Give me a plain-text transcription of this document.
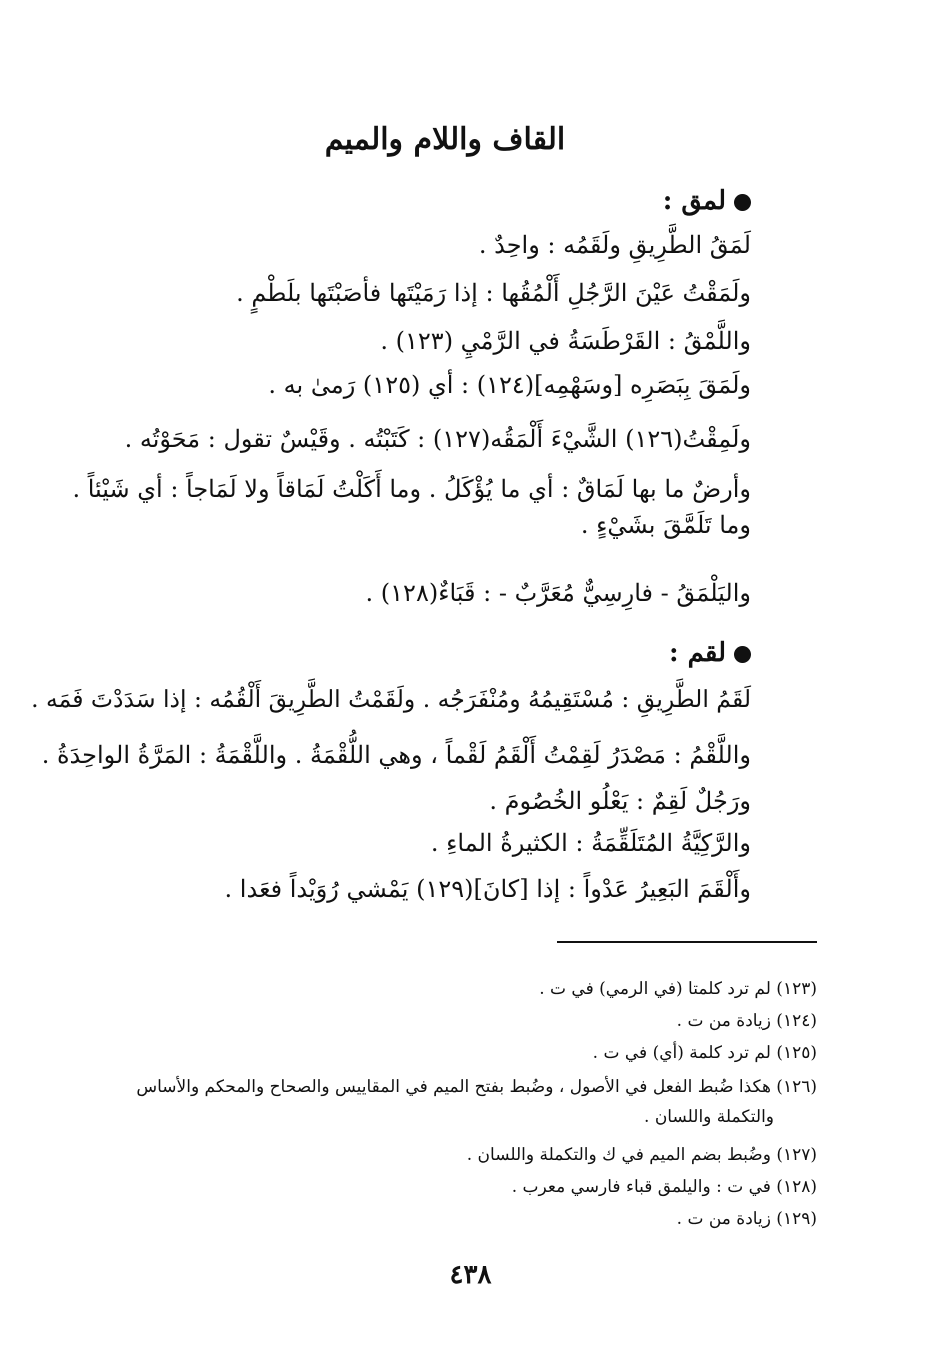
القاف واللام والميم
لمق :
لَمَقُ الطَّرِيقِ ولَقَمُه : واحِدٌ .
ولَمَقْتُ عَيْنَ الرَّجُلِ أَلْمُقُها : إذا رَمَيْتَها فأصَبْتَها بلَطْمٍ .
واللَّمْقُ : القَرْطَسَةُ في الرَّمْيِ (١٢٣) .
ولَمَقَ بِبَصَرِه [وسَهْمِه](١٢٤) : أي (١٢٥) رَمىٰ به .
ولَمِقْتُ(١٢٦) الشَّيْءَ أَلْمَقُه(١٢٧) : كَتَبْتُه . وقَيْسٌ تقول : مَحَوْتُه .
وأرضٌ ما بها لَمَاقٌ : أي ما يُؤْكَلُ . وما أَكَلْتُ لَمَاقاً ولا لَمَاجاً : أي شَيْئاً .
وما تَلَمَّقَ بشَيْءٍ .
واليَلْمَقُ - فارِسِيٌّ مُعَرَّبٌ - : قَبَاءٌ(١٢٨) .
لقم :
لَقَمُ الطَّرِيقِ : مُسْتَقِيمُهُ ومُنْفَرَجُه . ولَقَمْتُ الطَّرِيقَ أَلْقُمُه : إذا سَدَدْتَ فَمَه .
واللَّقْمُ : مَصْدَرُ لَقِمْتُ أَلْقَمُ لَقْماً ، وهي اللُّقْمَةُ . واللَّقْمَةُ : المَرَّةُ الواحِدَةُ .
ورَجُلٌ لَقِمٌ : يَعْلُو الخُصُومَ .
والرَّكِيَّةُ المُتَلَقِّمَةُ : الكثيرةُ الماءِ .
وأَلْقَمَ البَعِيرُ عَدْواً : إذا [كانَ](١٢٩) يَمْشي رُوَيْداً فعَدا .
(١٢٣) لم ترد كلمتا (في الرمي) في ت .
(١٢٤) زيادة من ت .
(١٢٥) لم ترد كلمة (أي) في ت .
(١٢٦) هكذا ضُبط الفعل في الأصول ، وضُبط بفتح الميم في المقاييس والصحاح والمحكم والأساس
والتكملة واللسان .
(١٢٧) وضُبط بضم الميم في ك والتكملة واللسان .
(١٢٨) في ت : واليلمق قباء فارسي معرب .
(١٢٩) زيادة من ت .
٤٣٨
